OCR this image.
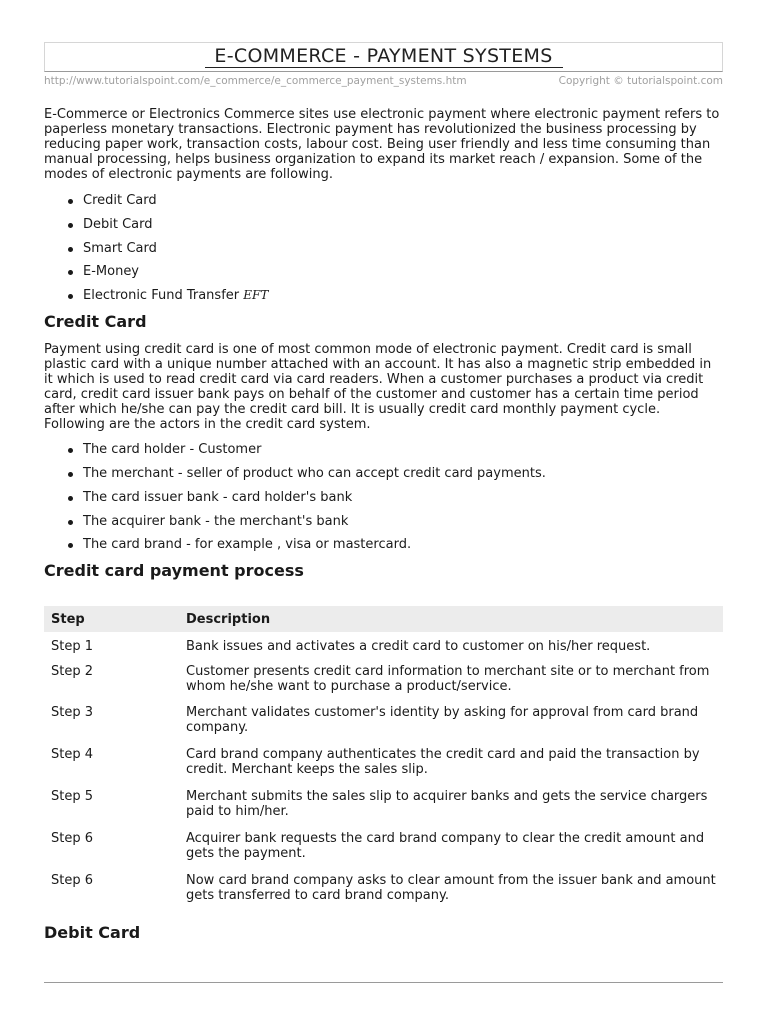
E-COMMERCE - PAYMENT SYSTEMS
http://www.tutorialspoint.com/e_commerce/e_commerce_payment_systems.htm	Copyright © tutorialspoint.com

E-Commerce or Electronics Commerce sites use electronic payment where electronic payment refers to paperless monetary transactions. Electronic payment has revolutionized the business processing by reducing paper work, transaction costs, labour cost. Being user friendly and less time consuming than manual processing, helps business organization to expand its market reach / expansion. Some of the modes of electronic payments are following.

Credit Card
Debit Card
Smart Card
E-Money
Electronic Fund Transfer EFT
Credit Card

Payment using credit card is one of most common mode of electronic payment. Credit card is small plastic card with a unique number attached with an account. It has also a magnetic strip embedded in it which is used to read credit card via card readers. When a customer purchases a product via credit card, credit card issuer bank pays on behalf of the customer and customer has a certain time period after which he/she can pay the credit card bill. It is usually credit card monthly payment cycle. Following are the actors in the credit card system.

The card holder - Customer
The merchant - seller of product who can accept credit card payments.
The card issuer bank - card holder's bank
The acquirer bank - the merchant's bank
The card brand - for example , visa or mastercard.
Credit card payment process
Step	Description
Step 1	Bank issues and activates a credit card to customer on his/her request.
Step 2	Customer presents credit card information to merchant site or to merchant from whom he/she want to purchase a product/service.
Step 3	Merchant validates customer's identity by asking for approval from card brand company.
Step 4	Card brand company authenticates the credit card and paid the transaction by credit. Merchant keeps the sales slip.
Step 5	Merchant submits the sales slip to acquirer banks and gets the service chargers paid to him/her.
Step 6	Acquirer bank requests the card brand company to clear the credit amount and gets the payment.
Step 6	Now card brand company asks to clear amount from the issuer bank and amount gets transferred to card brand company.
Debit Card
